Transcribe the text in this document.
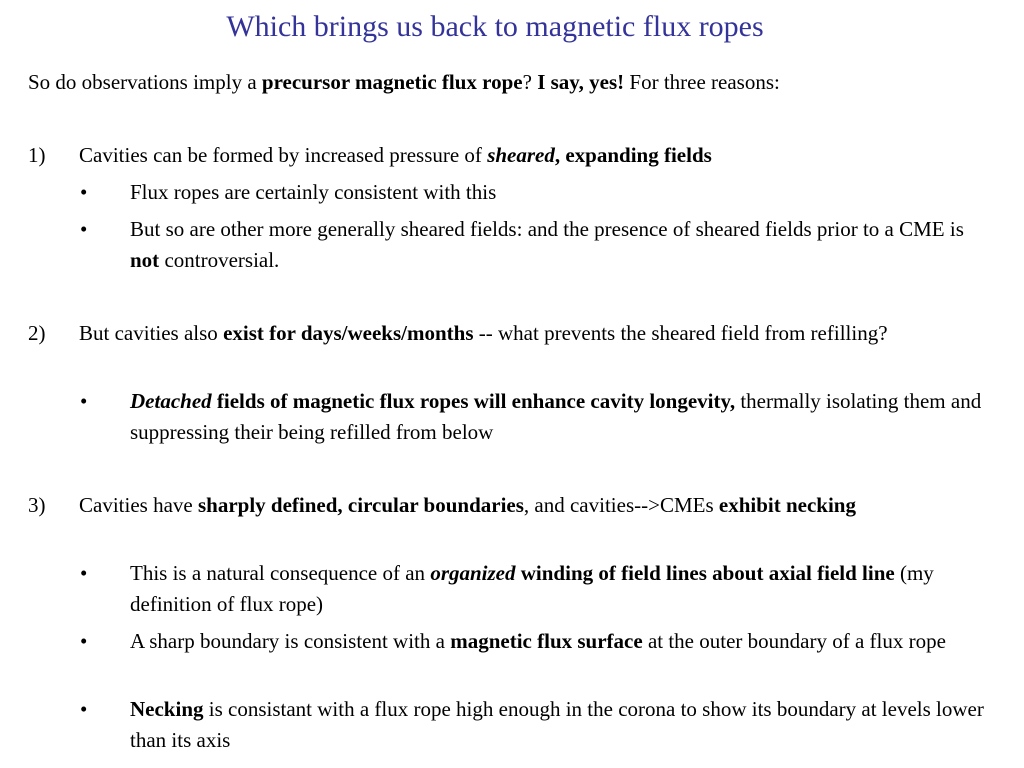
Which brings us back to magnetic flux ropes
So do observations imply a precursor magnetic flux rope? I say, yes! For three reasons:
1)	Cavities can be formed by increased pressure of sheared, expanding fields
•	Flux ropes are certainly consistent with this
•	But so are other more generally sheared fields: and the presence of sheared fields prior to a CME is not controversial.
2)	But cavities also exist for days/weeks/months -- what prevents the sheared field from refilling?
•	Detached fields of magnetic flux ropes will enhance cavity longevity, thermally isolating them and suppressing their being refilled from below
3)	Cavities have sharply defined, circular boundaries, and cavities-->CMEs exhibit necking
•	This is a natural consequence of an organized winding of field lines about axial field line (my definition of flux rope)
•	A sharp boundary is consistent with a magnetic flux surface at the outer boundary of a flux rope
•	Necking is consistant with a flux rope high enough in the corona to show its boundary at levels lower than its axis
